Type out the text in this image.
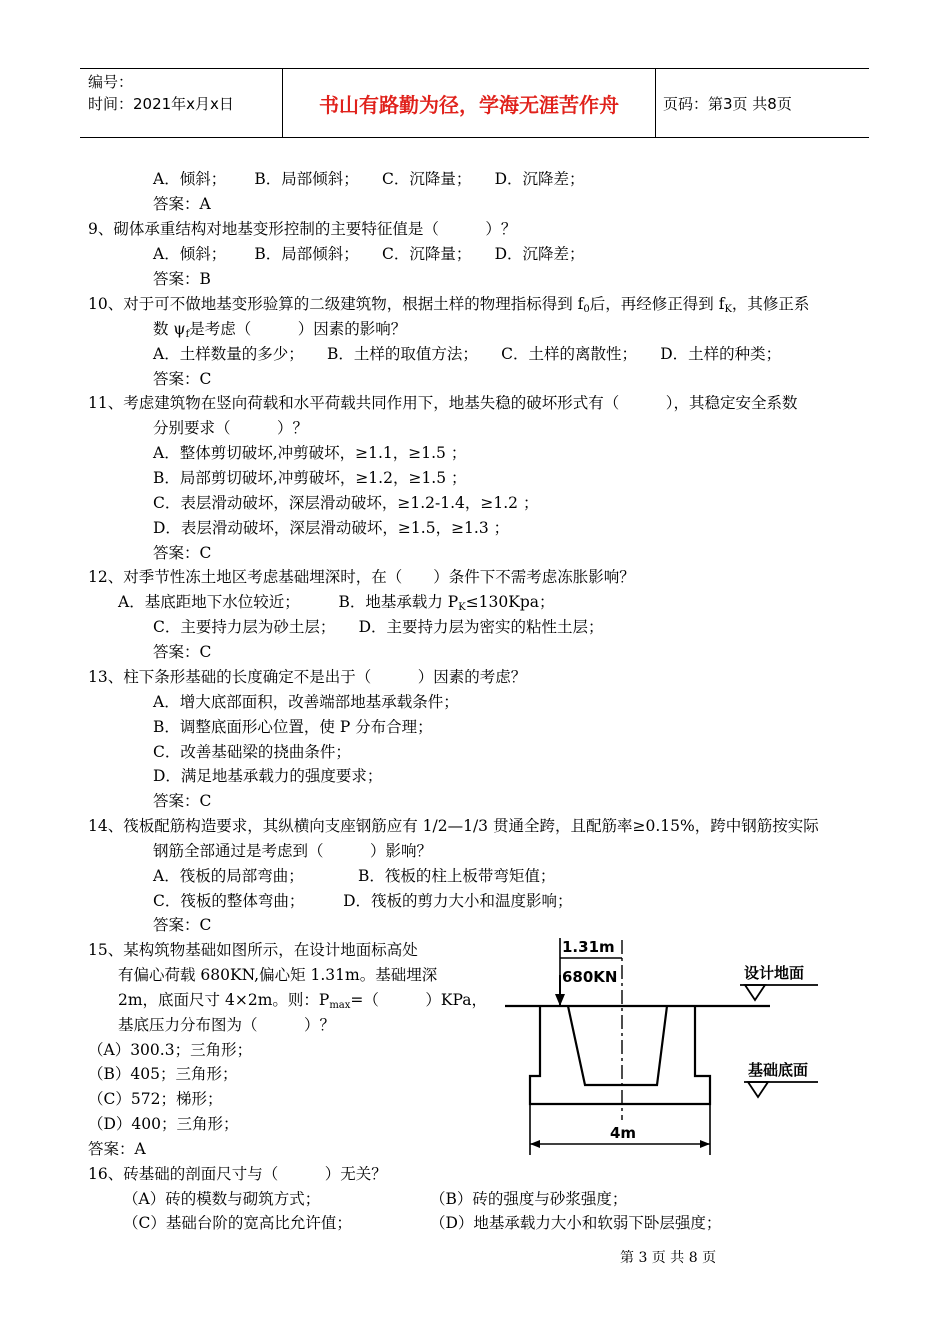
编号：
时间：2021年x月x日	书山有路勤为径，学海无涯苦作舟	页码：第3页 共8页
A．倾斜；　　 B．局部倾斜；　　C．沉降量；　　D．沉降差；
答案：A
9、砌体承重结构对地基变形控制的主要特征值是（　　　）？
A．倾斜；　　 B．局部倾斜；　　C．沉降量；　　D．沉降差；
答案：B
10、对于可不做地基变形验算的二级建筑物，根据土样的物理指标得到 $f_0$后，再经修正得到 $f_K$，其修正系
数 $\psi_f$是考虑（　　　）因素的影响？
A．土样数量的多少；　　B．土样的取值方法；　　C．土样的离散性；　　D．土样的种类；
答案：C
11、考虑建筑物在竖向荷载和水平荷载共同作用下，地基失稳的破坏形式有（　　　），其稳定安全系数
分别要求（　　　）？
A．整体剪切破坏,冲剪破坏，≥1.1，≥1.5 ；
B．局部剪切破坏,冲剪破坏，≥1.2，≥1.5 ；
C．表层滑动破坏，深层滑动破坏，≥1.2-1.4，≥1.2 ；
D．表层滑动破坏，深层滑动破坏，≥1.5，≥1.3 ；
答案：C
12、对季节性冻土地区考虑基础埋深时，在（　　）条件下不需考虑冻胀影响？
A．基底距地下水位较近；　　　B．地基承载力 $P_K\le 130Kpa$；
C．主要持力层为砂土层；　　D．主要持力层为密实的粘性土层；
答案：C
13、柱下条形基础的长度确定不是出于（　　　）因素的考虑？
A．增大底部面积，改善端部地基承载条件；
B．调整底面形心位置，使 P 分布合理；
C．改善基础梁的挠曲条件；
D．满足地基承载力的强度要求；
答案：C
14、筏板配筋构造要求，其纵横向支座钢筋应有 1/2—1/3 贯通全跨，且配筋率≥0.15%，跨中钢筋按实际
钢筋全部通过是考虑到（　　　）影响？
A．筏板的局部弯曲；　　　　B．筏板的柱上板带弯矩值；
C．筏板的整体弯曲；　　　D．筏板的剪力大小和温度影响；
答案：C
15、某构筑物基础如图所示，在设计地面标高处
有偏心荷载 680KN,偏心矩 1.31m。基础埋深
2m，底面尺寸 4×2m。则：$P_{max}=$（　　　）KPa，
基底压力分布图为（　　　）？
（A）300.3；三角形；
（B）405；三角形；
（C）572；梯形；
（D）400；三角形；
答案：A
16、砖基础的剖面尺寸与（　　　）无关？
（A）砖的模数与砌筑方式；	（B）砖的强度与砂浆强度；
（C）基础台阶的宽高比允许值；	（D）地基承载力大小和软弱下卧层强度；
1.31m
680KN	设计地面
基础底面
4m
第 3 页 共 8 页
